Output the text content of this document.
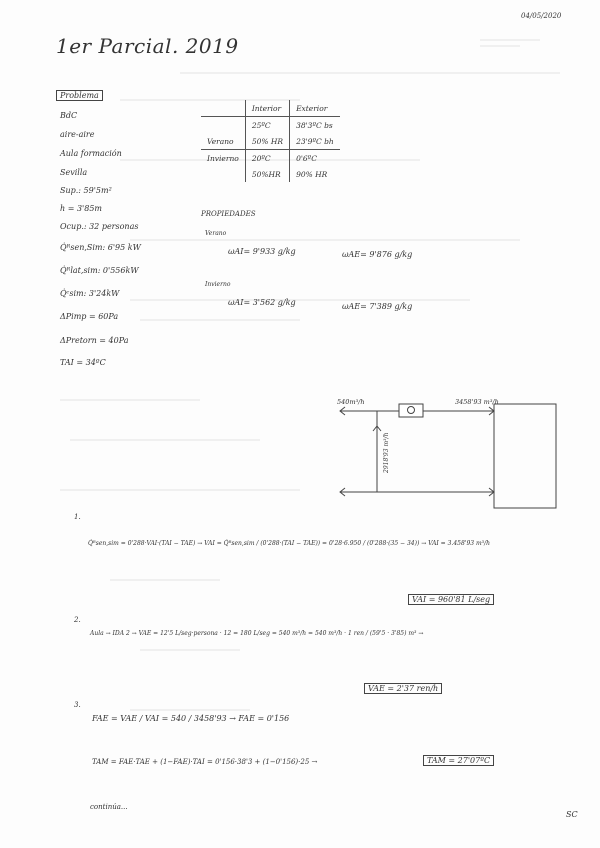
04/05/2020
1er Parcial. 2019
Problema
BdC
aire-aire
Aula formación
Sevilla
Sup.: 59'5m²
h = 3'85m
Ocup.: 32 personas
Q̇ᴿsen,Sim: 6'95 kW
Q̇ᴿlat,sim: 0'556kW
Q̇ᶜsim: 3'24kW
ΔPimp = 60Pa
ΔPretorn = 40Pa
TAI = 34ºC
	Interior	Exterior
	25ºC	38'3ºC bs
Verano	50% HR	23'9ºC bh
Invierno	20ºC	0'6ºC
	50%HR	90% HR
PROPIEDADES
Verano
ωAI= 9'933 g/kg	ωAE= 9'876 g/kg
Invierno
ωAI= 3'562 g/kg	ωAE= 7'389 g/kg
540m³/h	3458'93 m³/h
2918'93 m³/h
1.
Q̇ᴿsen,sim = 0'288·VAI·(TAI − TAE) → VAI = Q̇ᴿsen,sim / (0'288·(TAI − TAE)) = 0'28·6.950 / (0'288·(35 − 34)) → VAI = 3.458'93 m³/h
VAI = 960'81 L/seg
2.
Aula → IDA 2 → VAE = 12'5 L/seg·persona · 12 = 180 L/seg = 540 m³/h = 540 m³/h · 1 ren / (59'5 · 3'85) m³ →
VAE = 2'37 ren/h
3.
FAE = VAE / VAI = 540 / 3458'93 → FAE = 0'156
TAM = FAE·TAE + (1−FAE)·TAI = 0'156·38'3 + (1−0'156)·25 →	TAM = 27'07ºC
continúa...
SC
